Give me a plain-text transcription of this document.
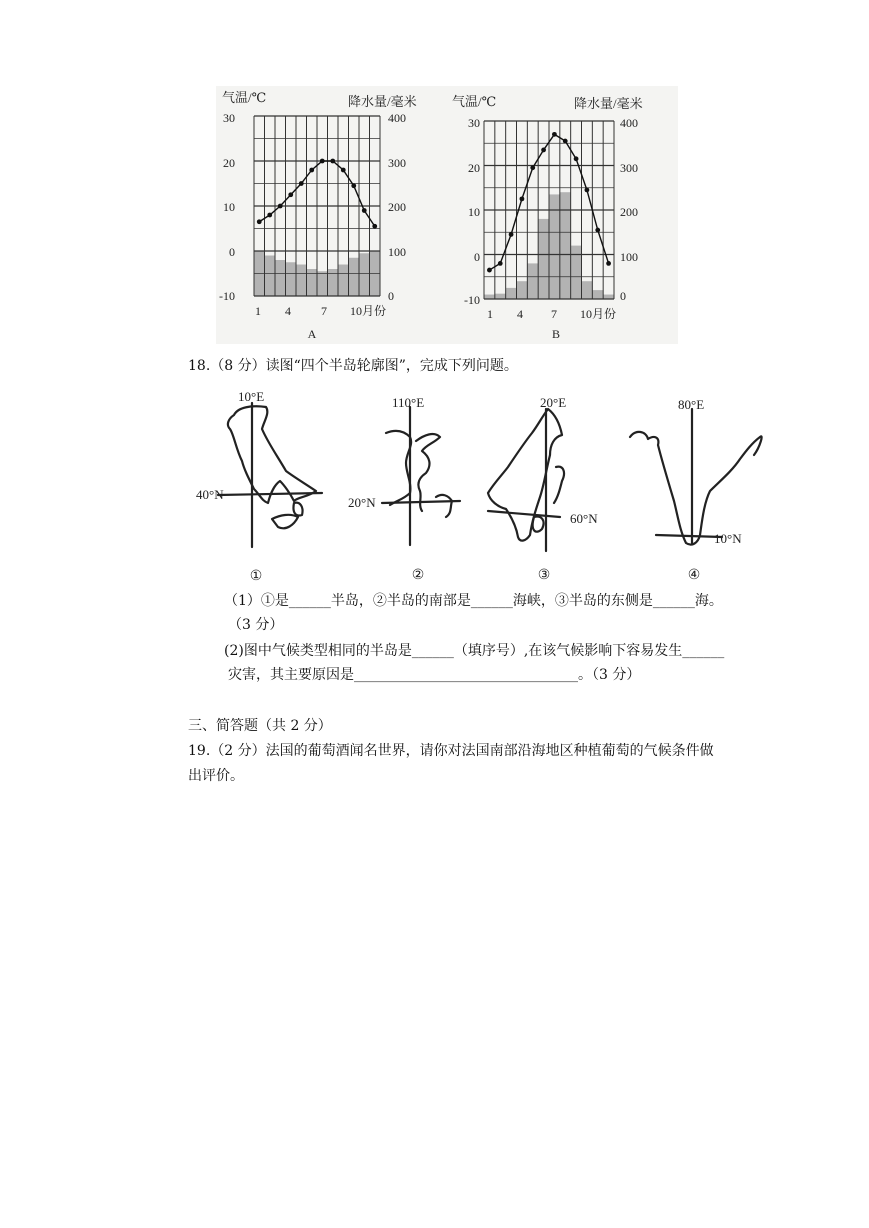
气温/℃	降水量/毫米
30
20
10
0
-10
400
300
200
100
0
1 4	7 10月份
A
气温/℃	降水量/毫米
30
20
10
0
-10
400
300
200
100
0
1 4 7 10月份
B
18.（8 分）读图“四个半岛轮廓图”，完成下列问题。
10°E
40°N
①
110°E
20°N
②
20°E
60°N
③
80°E
10°N
④
（1）①是______半岛，②半岛的南部是______海峡，③半岛的东侧是______海。
（3 分）
(2)图中气候类型相同的半岛是______（填序号）,在该气候影响下容易发生______
灾害，其主要原因是________________________________。（3 分）
三、简答题（共 2 分）
19.（2 分）法国的葡萄酒闻名世界，请你对法国南部沿海地区种植葡萄的气候条件做
出评价。
